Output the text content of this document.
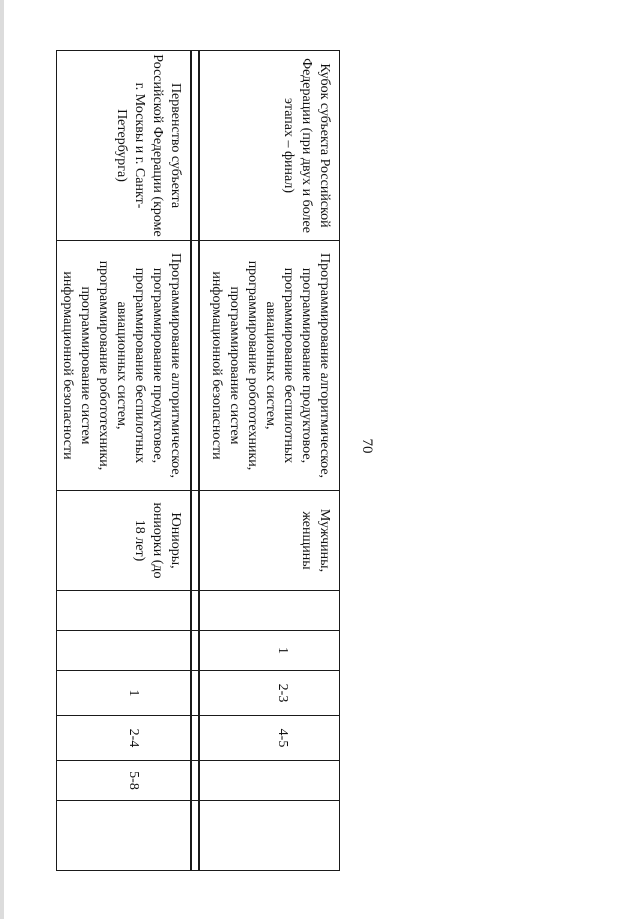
70
Кубок субъекта Российской Федерации (при двух и более этапах – финал)	Программирование алгоритмическое, программирование продуктовое, программирование беспилотных авиационных систем, программирование робототехники, программирование систем информационной безопасности	Мужчины, женщины		1	2-3	4-5		

Первенство субъекта Российской Федерации (кроме г. Москвы и г. Санкт-Петербурга)	Программирование алгоритмическое, программирование продуктовое, программирование беспилотных авиационных систем, программирование робототехники, программирование систем информационной безопасности	Юниоры, юниорки (до 18 лет)			1	2-4	5-8	
